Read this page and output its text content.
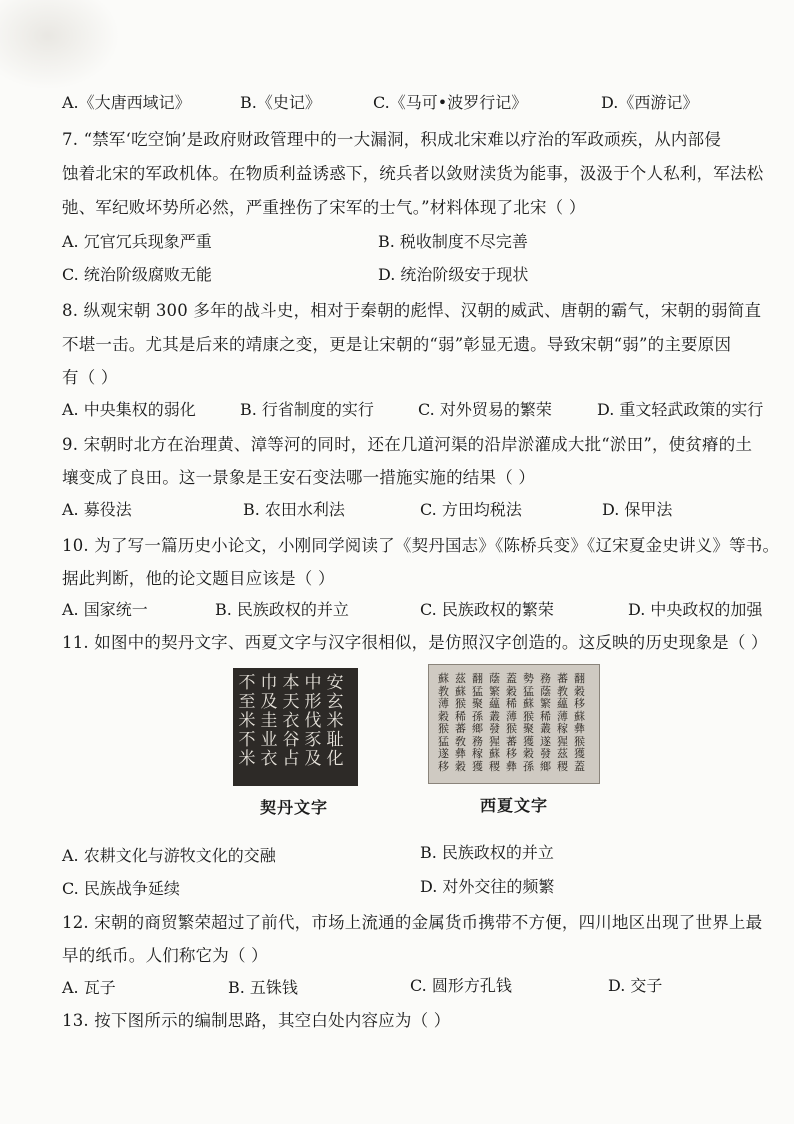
A.《大唐西域记》	B.《史记》	C.《马可•波罗行记》	D.《西游记》
7. “禁军‘吃空饷’是政府财政管理中的一大漏洞，积成北宋难以疗治的军政顽疾，从内部侵
蚀着北宋的军政机体。在物质利益诱惑下，统兵者以敛财渎货为能事，汲汲于个人私利，军法松
弛、军纪败坏势所必然，严重挫伤了宋军的士气。”材料体现了北宋（ ）
A. 冗官冗兵现象严重	B. 税收制度不尽完善
C. 统治阶级腐败无能	D. 统治阶级安于现状
8. 纵观宋朝 300 多年的战斗史，相对于秦朝的彪悍、汉朝的威武、唐朝的霸气，宋朝的弱简直
不堪一击。尤其是后来的靖康之变，更是让宋朝的“弱”彰显无遗。导致宋朝“弱”的主要原因
有（ ）
A. 中央集权的弱化	B. 行省制度的实行	C. 对外贸易的繁荣	D. 重文轻武政策的实行
9. 宋朝时北方在治理黄、漳等河的同时，还在几道河渠的沿岸淤灌成大批“淤田”，使贫瘠的土
壤变成了良田。这一景象是王安石变法哪一措施实施的结果（ ）
A. 募役法	B. 农田水利法	C. 方田均税法	D. 保甲法
10. 为了写一篇历史小论文，小刚同学阅读了《契丹国志》《陈桥兵变》《辽宋夏金史讲义》等书。
据此判断，他的论文题目应该是（ ）
A. 国家统一	B. 民族政权的并立	C. 民族政权的繁荣	D. 中央政权的加强
11. 如图中的契丹文字、西夏文字与汉字很相似，是仿照汉字创造的。这反映的历史现象是（ ）
不
至
米
不
米
巾
及
圭
业
衣
本
天
衣
谷
占
中
形
伐
豕
及
安
玄
米
耻
化
契丹文字
蘇
教
薄
穀
猴
猛
遂
移
茲
蘇
猴
稀
蕃
敎
彝
穀
翻
猛
聚
孫
鄉
務
稼
獲
蔭
繁
蘊
叢
發
猩
蘇
稷
蓋
穀
稀
薄
猴
蕃
移
彝
勢
猛
蘇
猴
聚
獲
穀
孫
務
蔭
繁
稀
叢
遂
發
鄉
蕃
教
蘊
薄
稼
猩
茲
稷
翻
穀
移
蘇
彝
猴
獲
蓋
西夏文字
A. 农耕文化与游牧文化的交融	B. 民族政权的并立
C. 民族战争延续	D. 对外交往的频繁
12. 宋朝的商贸繁荣超过了前代，市场上流通的金属货币携带不方便，四川地区出现了世界上最
早的纸币。人们称它为（ ）
A. 瓦子	B. 五铢钱	C. 圆形方孔钱	D. 交子
13. 按下图所示的编制思路，其空白处内容应为（ ）
